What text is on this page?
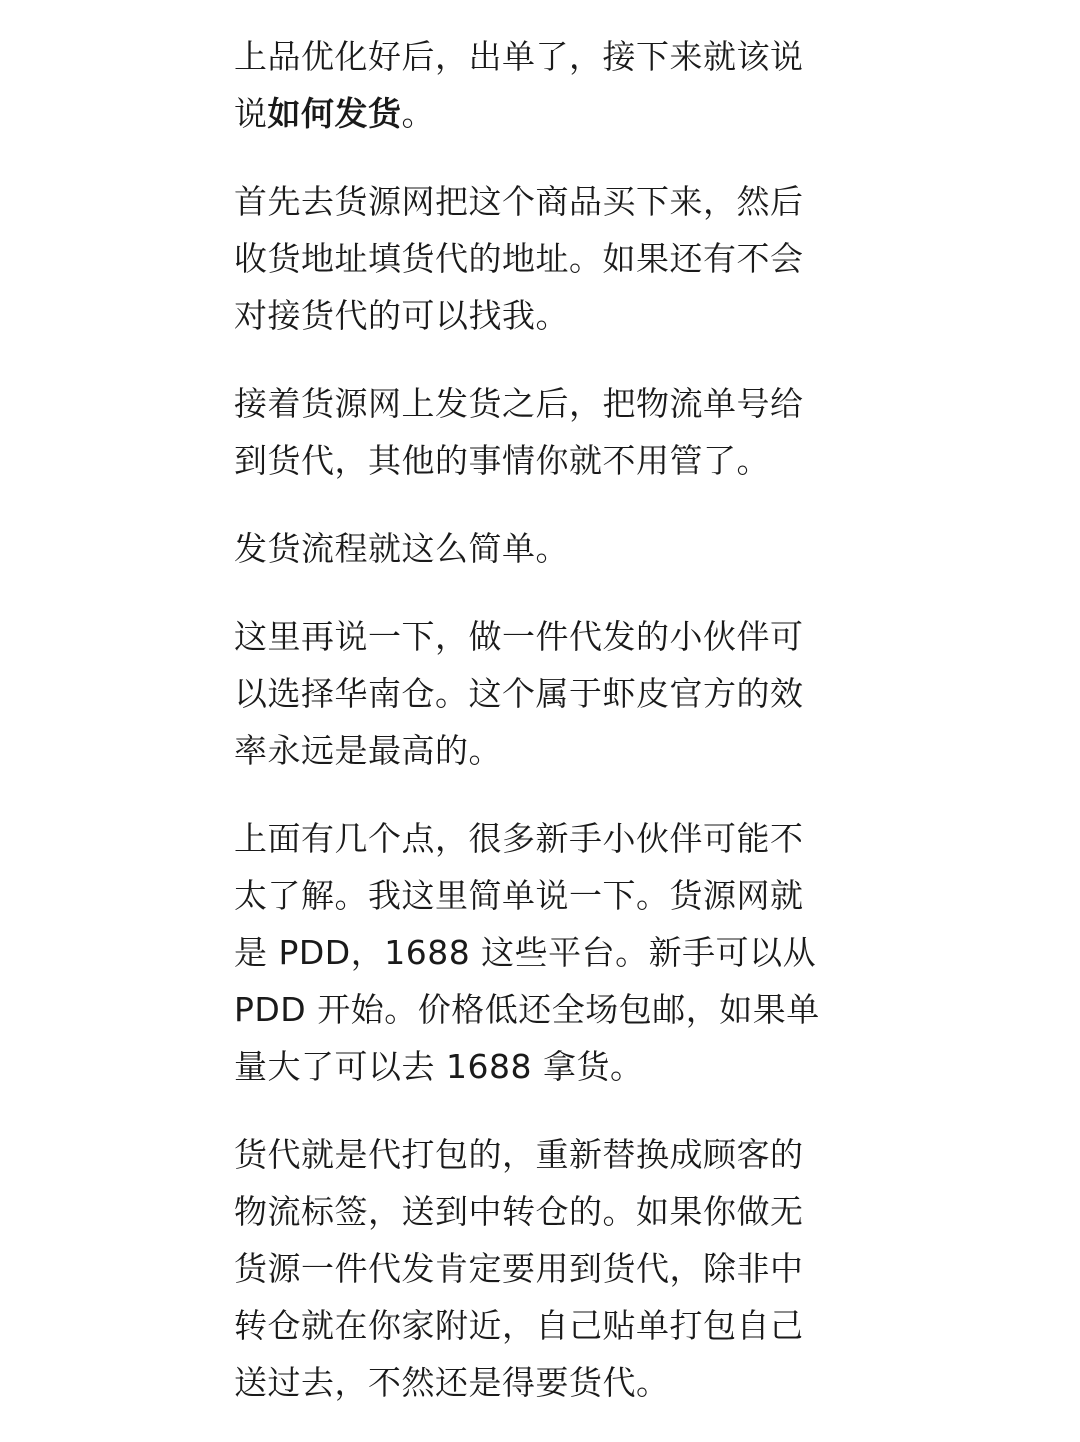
上品优化好后，出单了，接下来就该说
说如何发货。

首先去货源网把这个商品买下来，然后
收货地址填货代的地址。如果还有不会
对接货代的可以找我。

接着货源网上发货之后，把物流单号给
到货代，其他的事情你就不用管了。

发货流程就这么简单。

这里再说一下，做一件代发的小伙伴可
以选择华南仓。这个属于虾皮官方的效
率永远是最高的。

上面有几个点，很多新手小伙伴可能不
太了解。我这里简单说一下。货源网就
是 PDD，1688 这些平台。新手可以从
PDD 开始。价格低还全场包邮，如果单
量大了可以去 1688 拿货。

货代就是代打包的，重新替换成顾客的
物流标签，送到中转仓的。如果你做无
货源一件代发肯定要用到货代，除非中
转仓就在你家附近，自己贴单打包自己
送过去，不然还是得要货代。
